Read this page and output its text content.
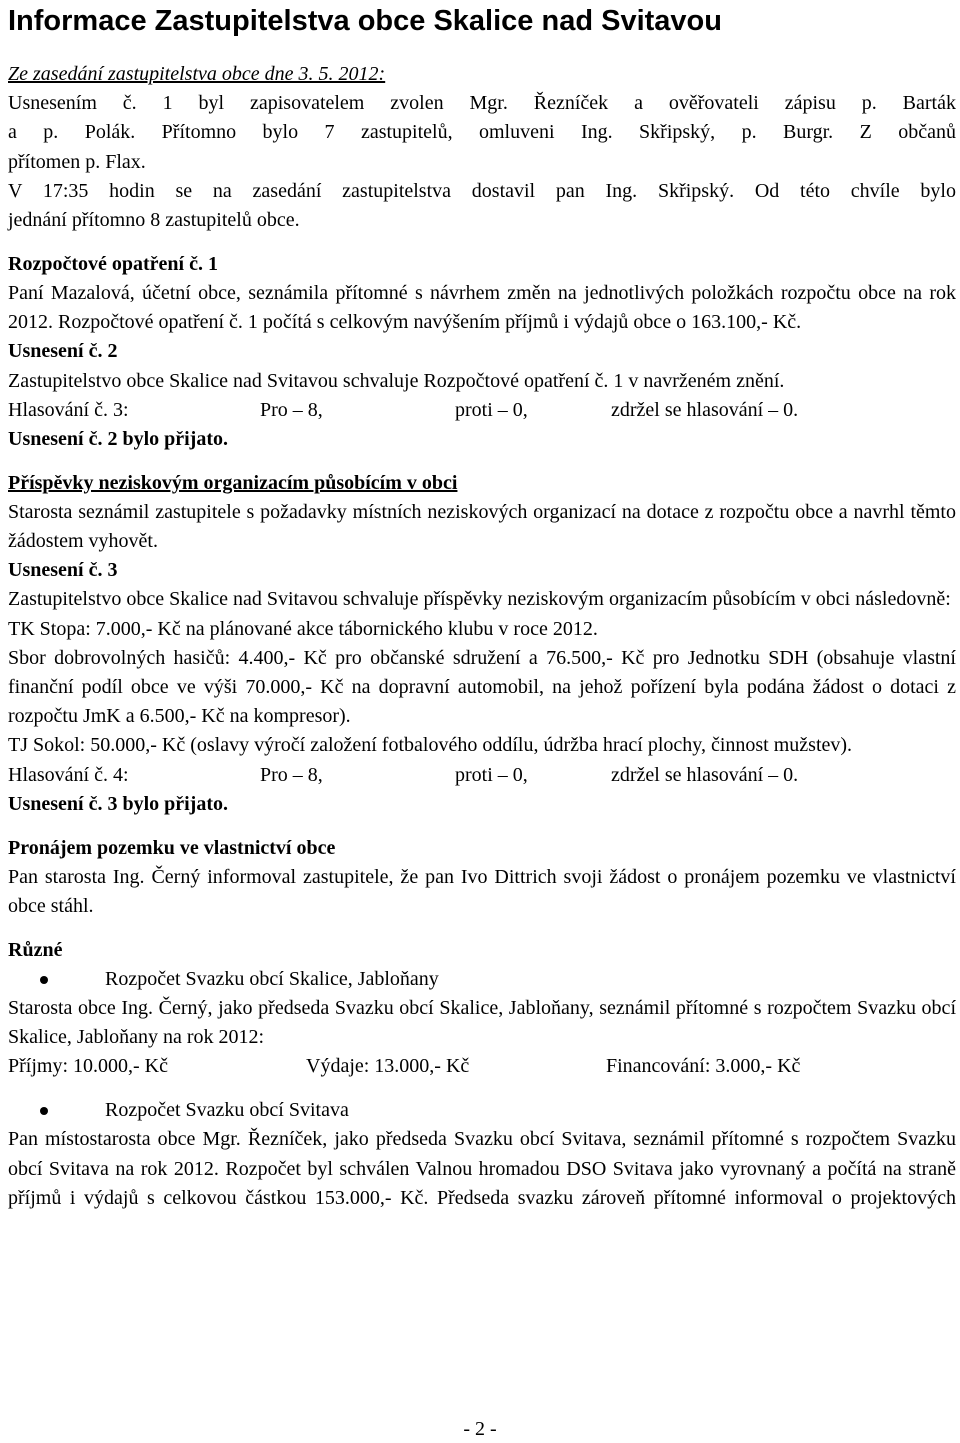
Informace Zastupitelstva obce Skalice nad Svitavou

Ze zasedání zastupitelstva obce dne 3. 5. 2012:

Usnesením č. 1 byl zapisovatelem zvolen Mgr. Řezníček a ověřovateli zápisu p. Barták

a p. Polák. Přítomno bylo 7 zastupitelů, omluveni Ing. Skřipský, p. Burgr. Z občanů

přítomen p. Flax.

V 17:35 hodin se na zasedání zastupitelstva dostavil pan Ing. Skřipský. Od této chvíle bylo

jednání přítomno 8 zastupitelů obce.

Rozpočtové opatření č. 1

Paní Mazalová, účetní obce, seznámila přítomné s návrhem změn na jednotlivých položkách rozpočtu obce na rok 2012. Rozpočtové opatření č. 1 počítá s celkovým navýšením příjmů i výdajů obce o 163.100,- Kč.

Usnesení č. 2

Zastupitelstvo obce Skalice nad Svitavou schvaluje Rozpočtové opatření č. 1 v navrženém znění.

Hlasování č. 3:	Pro – 8,	proti – 0,	zdržel se hlasování – 0.

Usnesení č. 2 bylo přijato.

Příspěvky neziskovým organizacím působícím v obci

Starosta seznámil zastupitele s požadavky místních neziskových organizací na dotace z rozpočtu obce a navrhl těmto žádostem vyhovět.

Usnesení č. 3

Zastupitelstvo obce Skalice nad Svitavou schvaluje příspěvky neziskovým organizacím působícím v obci následovně:

TK Stopa: 7.000,- Kč na plánované akce tábornického klubu v roce 2012.

Sbor dobrovolných hasičů: 4.400,- Kč pro občanské sdružení a 76.500,- Kč pro Jednotku SDH (obsahuje vlastní finanční podíl obce ve výši 70.000,- Kč na dopravní automobil, na jehož pořízení byla podána žádost o dotaci z rozpočtu JmK a 6.500,- Kč na kompresor).

TJ Sokol: 50.000,- Kč (oslavy výročí založení fotbalového oddílu, údržba hrací plochy, činnost mužstev).

Hlasování č. 4:	Pro – 8,	proti – 0,	zdržel se hlasování – 0.

Usnesení č. 3 bylo přijato.

Pronájem pozemku ve vlastnictví obce

Pan starosta Ing. Černý informoval zastupitele, že pan Ivo Dittrich svoji žádost o pronájem pozemku ve vlastnictví obce stáhl.

Různé

Rozpočet Svazku obcí Skalice, Jabloňany

Starosta obce Ing. Černý, jako předseda Svazku obcí Skalice, Jabloňany, seznámil přítomné s rozpočtem Svazku obcí Skalice, Jabloňany na rok 2012:

Příjmy: 10.000,- Kč	Výdaje: 13.000,- Kč	Financování: 3.000,- Kč
Rozpočet Svazku obcí Svitava

Pan místostarosta obce Mgr. Řezníček, jako předseda Svazku obcí Svitava, seznámil přítomné s rozpočtem Svazku obcí Svitava na rok 2012. Rozpočet byl schválen Valnou hromadou DSO Svitava jako vyrovnaný a počítá na straně příjmů i výdajů s celkovou částkou 153.000,- Kč. Předseda svazku zároveň přítomné informoval o projektových

- 2 -
